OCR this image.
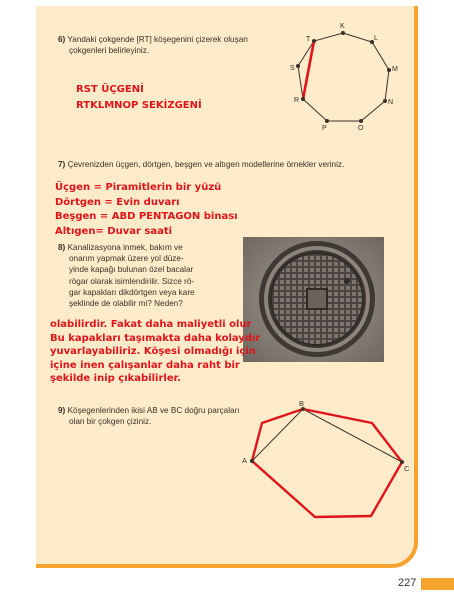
6) Yandaki çokgende [RT] köşegenini çizerek oluşan
çokgenleri belirleyiniz.
RST ÜÇGENİ
RTKLMNOP SEKİZGENİ
K
L
M
N
O
P
R
S
T
A
B
C
7) Çevrenizden üçgen, dörtgen, beşgen ve altıgen modellerine örnekler veriniz.
Üçgen = Piramitlerin bir yüzü
Dörtgen = Evin duvarı
Beşgen = ABD PENTAGON binası
Altıgen= Duvar saati
8) Kanalizasyona inmek, bakım ve
onarım yapmak üzere yol düze-
yinde kapağı bulunan özel bacalar
rögar olarak isimlendirilir. Sizce rö-
gar kapakları dikdörtgen veya kare
şeklinde de olabilir mi? Neden?
olabilirdir. Fakat daha maliyetli olur
Bu kapakları taşımakta daha kolaydır
yuvarlayabiliriz. Köşesi olmadığı için
içine inen çalışanlar daha raht bir
şekilde inip çıkabilirler.
9) Köşegenlerinden ikisi AB ve BC doğru parçaları
olan bir çokgen çiziniz.
227
